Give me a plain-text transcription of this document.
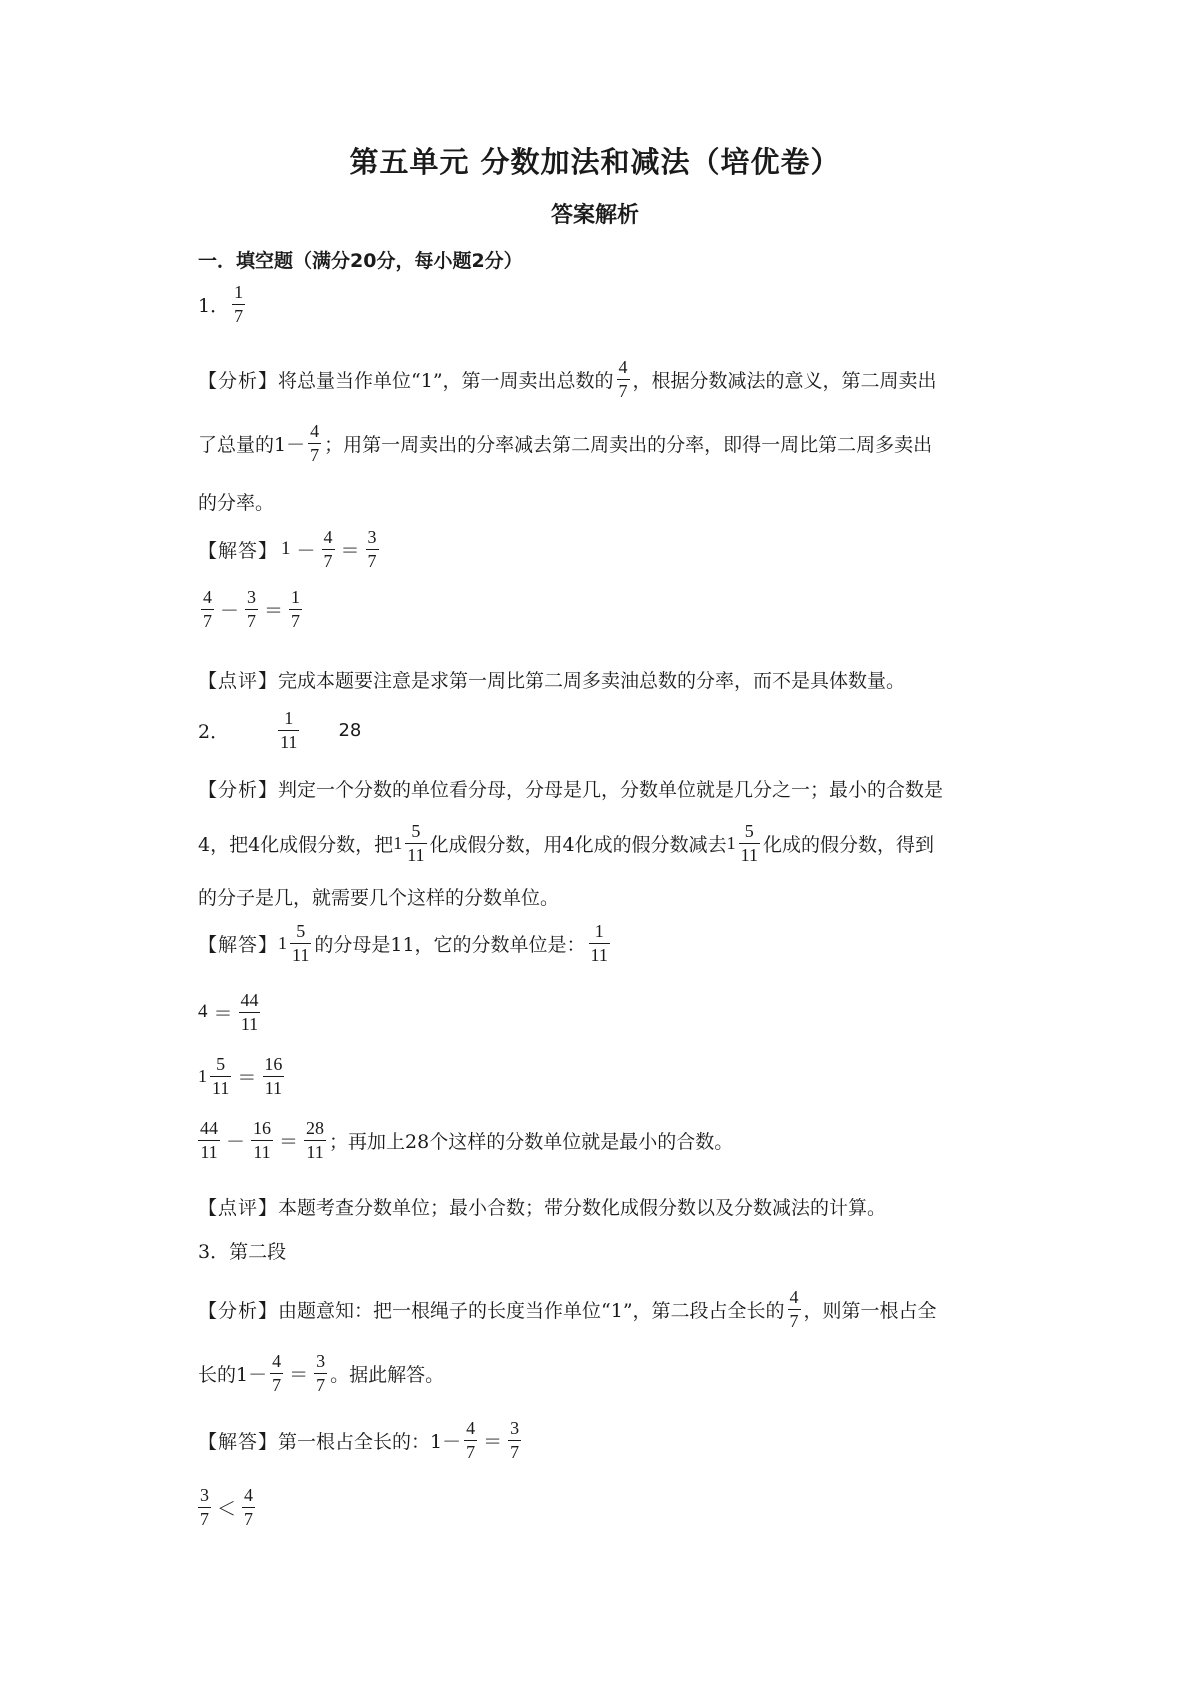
第五单元 分数加法和减法（培优卷）
答案解析
一．填空题（满分20分，每小题2分）
1． $\frac{1}{7}$
【分析】 将总量当作单位“1”，第一周卖出总数的 $\frac{4}{7}$ ，根据分数减法的意义，第二周卖出
了总量的$1- \frac{4}{7}$ ；用第一周卖出的分率减去第二周卖出的分率，即得一周比第二周多卖出
的分率。
【解答】 $1 - \frac{4}{7} = \frac{3}{7}$
$\frac{4}{7} - \frac{3}{7} = \frac{1}{7}$
【点评】 完成本题要注意是求第一周比第二周多卖油总数的分率，而不是具体数量。
2．	$\frac{1}{11} 28$
【分析】 判定一个分数的单位看分母，分母是几，分数单位就是几分之一；最小的合数是
4，把4化成假分数，把 $1 \frac{5}{11}$ 化成假分数，用4化成的假分数减去 $1 \frac{5}{11}$ 化成的假分数，得到
的分子是几，就需要几个这样的分数单位。
【解答】 $1 \frac{5}{11}$ 的分母是11，它的分数单位是： $\frac{1}{11}$
$4 = \frac{44}{11}$
$1 \frac{5}{11} = \frac{16}{11}$
$\frac{44}{11} - \frac{16}{11} = \frac{28}{11}$ ；再加上28个这样的分数单位就是最小的合数。
【点评】 本题考查分数单位；最小合数；带分数化成假分数以及分数减法的计算。
3． 第二段
【分析】 由题意知：把一根绳子的长度当作单位“1”，第二段占全长的 $\frac{4}{7}$ ，则第一根占全
长的$1- \frac{4}{7} = \frac{3}{7}$ 。据此解答。
【解答】 第一根占全长的：$1- \frac{4}{7} = \frac{3}{7}$
$\frac{3}{7} < \frac{4}{7}$
